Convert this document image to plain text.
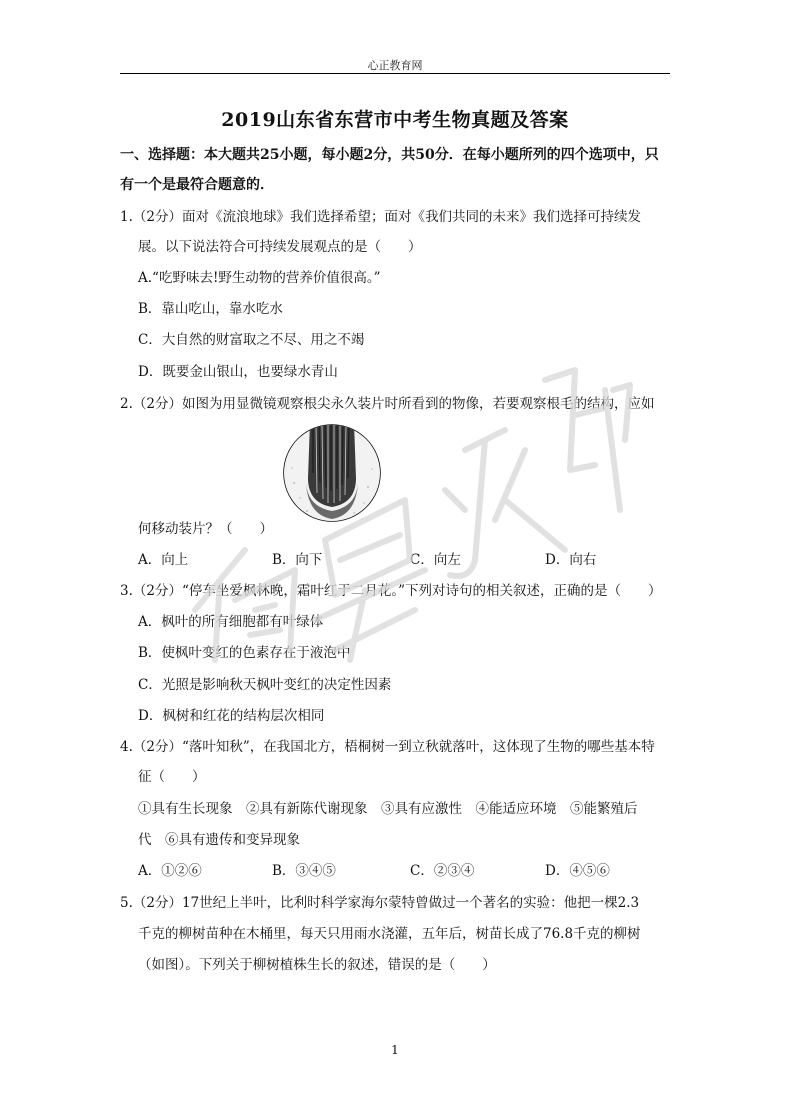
心正教育网
2019山东省东营市中考生物真题及答案
一、选择题：本大题共25小题，每小题2分，共50分．在每小题所列的四个选项中，只
有一个是最符合题意的．
1.（2分）面对《流浪地球》我们选择希望；面对《我们共同的未来》我们选择可持续发
展。以下说法符合可持续发展观点的是（　　）
A.“吃野味去!野生动物的营养价值很高。”
B．靠山吃山，靠水吃水
C．大自然的财富取之不尽、用之不竭
D．既要金山银山，也要绿水青山
2.（2分）如图为用显微镜观察根尖永久装片时所看到的物像，若要观察根毛的结构，应如
何移动装片？（　　）
A．向上	B．向下	C．向左	D．向右
3.（2分）“停车坐爱枫林晚，霜叶红于二月花。”下列对诗句的相关叙述，正确的是（　　）
A．枫叶的所有细胞都有叶绿体
B．使枫叶变红的色素存在于液泡中
C．光照是影响秋天枫叶变红的决定性因素
D．枫树和红花的结构层次相同
4.（2分）“落叶知秋”，在我国北方，梧桐树一到立秋就落叶，这体现了生物的哪些基本特
征（　　）
①具有生长现象　②具有新陈代谢现象　③具有应激性　④能适应环境　⑤能繁殖后
代　⑥具有遗传和变异现象
A．①②⑥	B．③④⑤	C．②③④	D．④⑤⑥
5.（2分）17世纪上半叶，比利时科学家海尔蒙特曾做过一个著名的实验：他把一棵2.3
千克的柳树苗种在木桶里，每天只用雨水浇灌，五年后，树苗长成了76.8千克的柳树
（如图）。下列关于柳树植株生长的叙述，错误的是（　　）
1
